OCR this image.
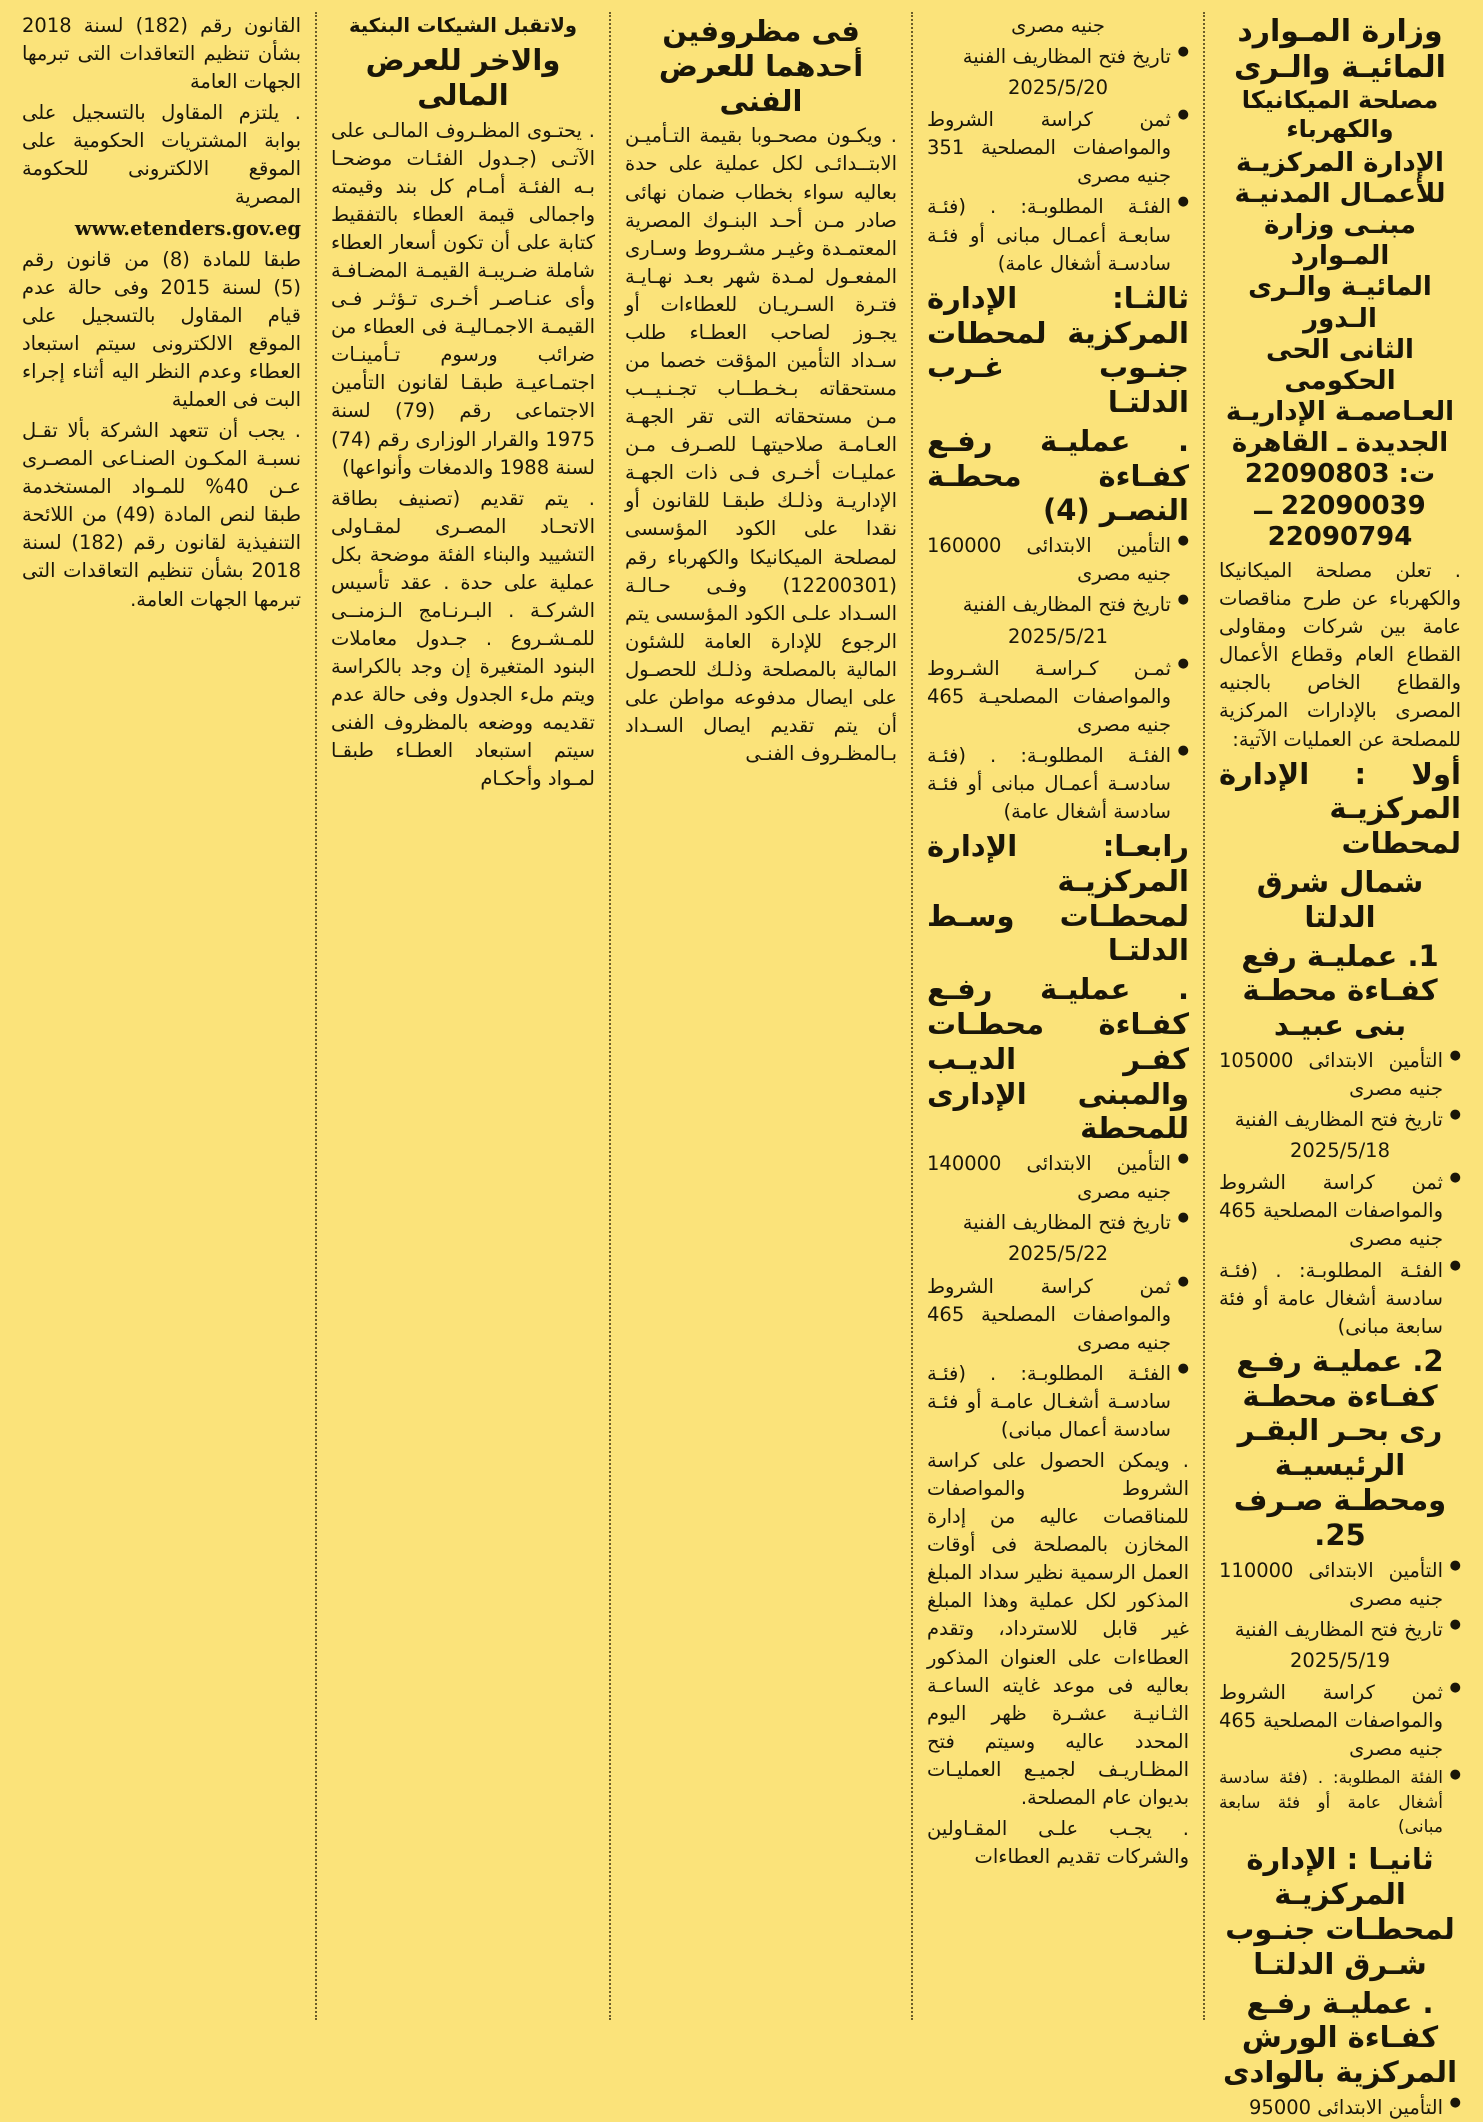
وزارة المـوارد
المائيـة والـرى
مصلحة الميكانيكا والكهرباء
الإدارة المركزيـة
للأعمـال المدنيـة
مبنـى وزارة المـوارد
المائيـة والـرى الـدور
الثانى الحى الحكومى
العـاصمـة الإداريـة
الجديدة ـ القاهرة
ت: 22090803
22090039 ــ 22090794

. تعلن مصلحة الميكانيكا والكهرباء عن طرح مناقصات عامة بين شركات ومقاولى القطاع العام وقطاع الأعمال والقطاع الخاص بالجنيه المصرى بالإدارات المركزية للمصلحة عن العمليات الآتية:

أولا : الإدارة المركزيـة لمحطات
شمال شرق الدلتا
1. عمليـة رفع كفـاءة محطـة بنى عبيـد
● التأمين الابتدائى 105000 جنيه مصرى
● تاريخ فتح المظاريف الفنية
2025/5/18
● ثمن كراسة الشروط والمواصفات المصلحية 465 جنيه مصرى
● الفئـة المطلوبـة: . (فئـة سادسة أشغال عامة أو فئة سابعة مبانى)
2. عمليـة رفـع كفـاءة محطـة رى بحـر البقـر الرئيسيـة ومحطـة صـرف 25.
● التأمين الابتدائى 110000 جنيه مصرى
● تاريخ فتح المظاريف الفنية
2025/5/19
● ثمن كراسة الشروط والمواصفات المصلحية 465 جنيه مصرى
● الفئة المطلوبة: . (فئة سادسة أشغال عامة أو فئة سابعة مبانى)
ثانيـا : الإدارة المركزيـة لمحطـات جنـوب شـرق الدلتـا
. عمليـة رفـع كفـاءة الورش المركزية بالوادى
● التأمين الابتدائى 95000
جنيه مصرى
● تاريخ فتح المظاريف الفنية
2025/5/20
● ثمن كراسة الشروط والمواصفات المصلحية 351 جنيه مصرى
● الفئـة المطلوبـة: . (فئـة سابعـة أعمـال مبانى أو فئـة سادسـة أشغال عامة)
ثالثـا: الإدارة المركزية لمحطات جنـوب غـرب الدلتـا
. عمليـة رفـع كفـاءة محطـة النصـر (4)
● التأمين الابتدائى 160000 جنيه مصرى
● تاريخ فتح المظاريف الفنية
2025/5/21
● ثمـن كـراسـة الشـروط والمواصفات المصلحيـة 465 جنيه مصرى
● الفئـة المطلوبـة: . (فئـة سادسـة أعمـال مبانى أو فئـة سادسة أشغال عامة)
رابعـا: الإدارة المركزيـة لمحطـات وسـط الدلتـا
. عمليـة رفـع كفـاءة محطـات كفـر الديـب والمبنى الإدارى للمحطة
● التأمين الابتدائى 140000 جنيه مصرى
● تاريخ فتح المظاريف الفنية
2025/5/22
● ثمن كراسة الشروط والمواصفات المصلحية 465 جنيه مصرى
● الفئـة المطلوبـة: . (فئـة سادسـة أشغـال عامـة أو فئـة سادسة أعمال مبانى)

. ويمكن الحصول على كراسة الشروط والمواصفات للمناقصات عاليه من إدارة المخازن بالمصلحة فى أوقات العمل الرسمية نظير سداد المبلغ المذكور لكل عملية وهذا المبلغ غير قابل للاسترداد، وتقدم العطاءات على العنوان المذكور بعاليه فى موعد غايته الساعـة الثـانيـة عشـرة ظهر اليوم المحدد عاليه وسيتم فتح المظـاريـف لجميـع العمليـات بديوان عام المصلحة.

. يجـب علـى المقـاولين والشركات تقديم العطاءات

فى مظروفين أحدهما للعرض الفنى

. ويكـون مصحـوبا بقيمة التـأميـن الابتــدائـى لكل عملية على حدة بعاليه سواء بخطاب ضمان نهائى صادر مـن أحـد البنـوك المصرية المعتمـدة وغيـر مشـروط وسـارى المفعـول لمـدة شهر بعـد نهـايـة فتـرة السـريـان للعطاءات أو يجـوز لصاحب العطـاء طلب سـداد التأمين المؤقت خصما من مستحقاته بـخـطــاب تجـنـيــب مـن مستحقاته التى تقر الجهـة العـامـة صلاحيتهـا للصـرف مـن عمليـات أخـرى فـى ذات الجهـة الإداريـة وذلـك طبقـا للقانون أو نقدا على الكود المؤسسى لمصلحة الميكانيكا والكهرباء رقم (12200301) وفـى حـالـة السـداد علـى الكود المؤسسى يتم الرجوع للإدارة العامة للشئون المالية بالمصلحة وذلـك للحصـول على ايصال مدفوعه مواطن على أن يتم تقديم ايصال السـداد بـالمظـروف الفنـى

ولاتقبل الشيكات البنكية
والاخر للعرض المالى

. يحتـوى المظـروف المالـى على الآتـى (جـدول الفئـات موضحـا بـه الفئـة أمـام كل بند وقيمته واجمالى قيمة العطاء بالتفقيط كتابة على أن تكون أسعار العطاء شاملة ضـريبـة القيمـة المضـافـة وأى عنـاصـر أخـرى تـؤثـر فـى القيمـة الاجمـاليـة فى العطاء من ضرائب ورسوم تـأمينـات اجتمـاعيـة طبقـا لقانون التأمين الاجتماعى رقم (79) لسنة 1975 والقرار الوزارى رقم (74) لسنة 1988 والدمغات وأنواعها)

. يتم تقديم (تصنيف بطاقة الاتحـاد المصـرى لمقـاولى التشييد والبناء الفئة موضحة بكل عملية على حدة . عقد تأسيس الشركـة . البـرنـامج الـزمنــى للمـشـروع . جـدول معاملات البنود المتغيرة إن وجد بالكراسة ويتم ملء الجدول وفى حالة عدم تقديمه ووضعه بالمظروف الفنى سيتم استبعاد العطـاء طبقـا لمـواد وأحكـام

القانون رقم (182) لسنة 2018 بشأن تنظيم التعاقدات التى تبرمها الجهات العامة

. يلتزم المقاول بالتسجيل على بوابة المشتريات الحكومية على الموقع الالكترونى للحكومة المصرية

www.etenders.gov.eg

طبقا للمادة (8) من قانون رقم (5) لسنة 2015 وفى حالة عدم قيام المقاول بالتسجيل على الموقع الالكترونى سيتم استبعاد العطاء وعدم النظر اليه أثناء إجراء البت فى العملية

. يجب أن تتعهد الشركة بألا تقـل نسبـة المكـون الصنـاعى المصـرى عـن 40% للمـواد المستخدمة طبقا لنص المادة (49) من اللائحة التنفيذية لقانون رقم (182) لسنة 2018 بشأن تنظيم التعاقدات التى تبرمها الجهات العامة.
